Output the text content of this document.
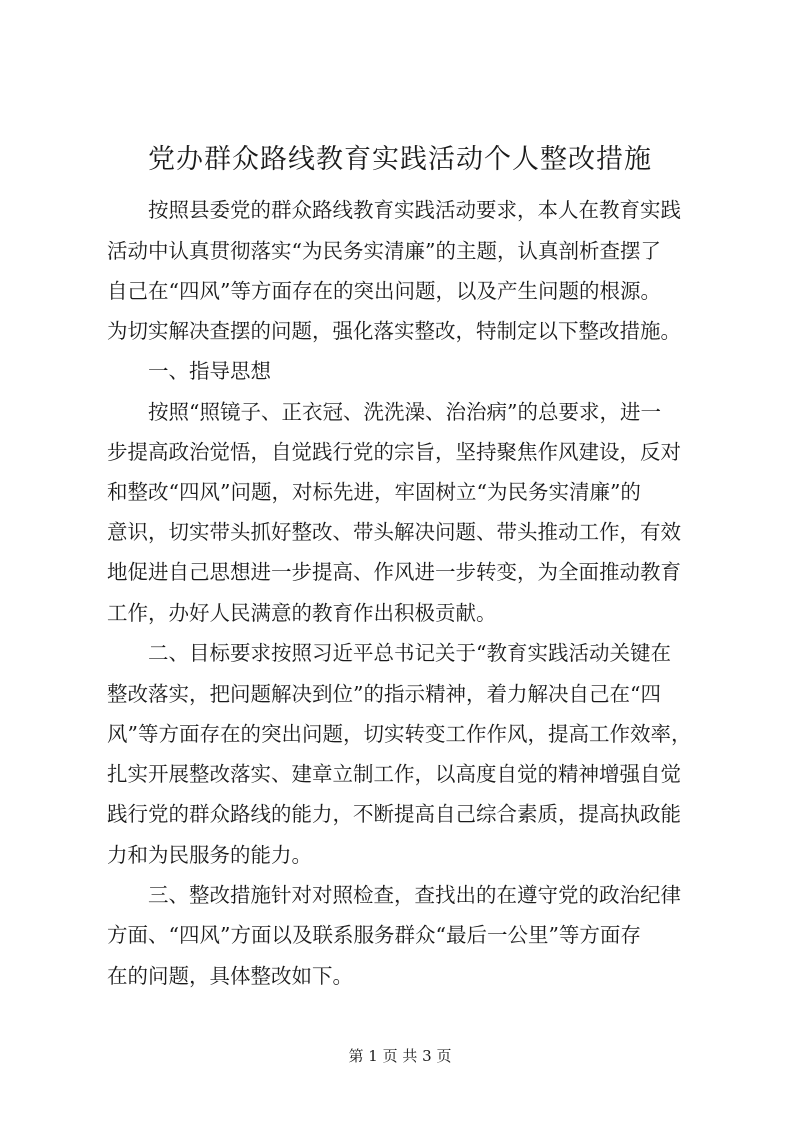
党办群众路线教育实践活动个人整改措施

　　按照县委党的群众路线教育实践活动要求，本人在教育实践

活动中认真贯彻落实“为民务实清廉”的主题，认真剖析查摆了

自己在“四风”等方面存在的突出问题，以及产生问题的根源。

为切实解决查摆的问题，强化落实整改，特制定以下整改措施。

　　一、指导思想

　　按照“照镜子、正衣冠、洗洗澡、治治病”的总要求，进一

步提高政治觉悟，自觉践行党的宗旨，坚持聚焦作风建设，反对

和整改“四风”问题，对标先进，牢固树立“为民务实清廉”的

意识，切实带头抓好整改、带头解决问题、带头推动工作，有效

地促进自己思想进一步提高、作风进一步转变，为全面推动教育

工作，办好人民满意的教育作出积极贡献。

　　二、目标要求按照习近平总书记关于“教育实践活动关键在

整改落实，把问题解决到位”的指示精神，着力解决自己在“四

风”等方面存在的突出问题，切实转变工作作风，提高工作效率，

扎实开展整改落实、建章立制工作，以高度自觉的精神增强自觉

践行党的群众路线的能力，不断提高自己综合素质，提高执政能

力和为民服务的能力。

　　三、整改措施针对对照检查，查找出的在遵守党的政治纪律

方面、“四风”方面以及联系服务群众“最后一公里”等方面存

在的问题，具体整改如下。

第 1 页 共 3 页
